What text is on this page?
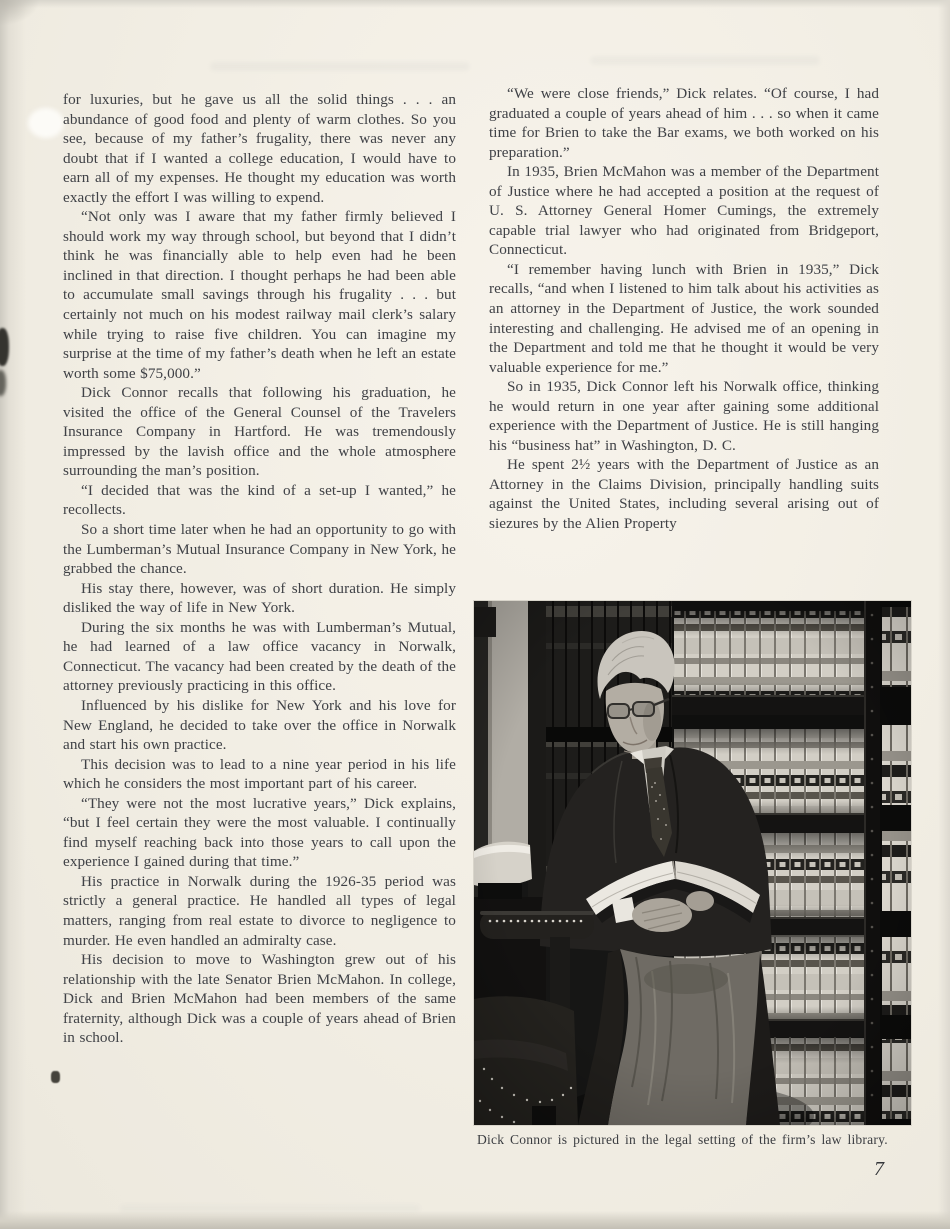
for luxuries, but he gave us all the solid things . . . an abundance of good food and plenty of warm clothes. So you see, because of my father’s frugality, there was never any doubt that if I wanted a college education, I would have to earn all of my expenses. He thought my education was worth exactly the effort I was willing to expend.

“Not only was I aware that my father firmly believed I should work my way through school, but beyond that I didn’t think he was financially able to help even had he been inclined in that direction. I thought perhaps he had been able to accumulate small savings through his frugality . . . but certainly not much on his modest railway mail clerk’s salary while trying to raise five children. You can imagine my surprise at the time of my father’s death when he left an estate worth some $75,000.”

Dick Connor recalls that following his graduation, he visited the office of the General Counsel of the Travelers Insurance Company in Hartford. He was tremendously impressed by the lavish office and the whole atmosphere surrounding the man’s position.

“I decided that was the kind of a set-up I wanted,” he recollects.

So a short time later when he had an opportunity to go with the Lumberman’s Mutual Insurance Company in New York, he grabbed the chance.

His stay there, however, was of short duration. He simply disliked the way of life in New York.

During the six months he was with Lumberman’s Mutual, he had learned of a law office vacancy in Norwalk, Connecticut. The vacancy had been created by the death of the attorney previously practicing in this office.

Influenced by his dislike for New York and his love for New England, he decided to take over the office in Norwalk and start his own practice.

This decision was to lead to a nine year period in his life which he considers the most important part of his career.

“They were not the most lucrative years,” Dick explains, “but I feel certain they were the most valuable. I continually find myself reaching back into those years to call upon the experience I gained during that time.”

His practice in Norwalk during the 1926-35 period was strictly a general practice. He handled all types of legal matters, ranging from real estate to divorce to negligence to murder. He even handled an admiralty case.

His decision to move to Washington grew out of his relationship with the late Senator Brien McMahon. In college, Dick and Brien McMahon had been members of the same fraternity, although Dick was a couple of years ahead of Brien in school.

“We were close friends,” Dick relates. “Of course, I had graduated a couple of years ahead of him . . . so when it came time for Brien to take the Bar exams, we both worked on his preparation.”

In 1935, Brien McMahon was a member of the Department of Justice where he had accepted a position at the request of U. S. Attorney General Homer Cumings, the extremely capable trial lawyer who had originated from Bridgeport, Connecticut.

“I remember having lunch with Brien in 1935,” Dick recalls, “and when I listened to him talk about his activities as an attorney in the Department of Justice, the work sounded interesting and challenging. He advised me of an opening in the Department and told me that he thought it would be very valuable experience for me.”

So in 1935, Dick Connor left his Norwalk office, thinking he would return in one year after gaining some additional experience with the Department of Justice. He is still hanging his “business hat” in Washington, D. C.

He spent 2½ years with the Department of Justice as an Attorney in the Claims Division, principally handling suits against the United States, including several arising out of siezures by the Alien Property

Dick Connor is pictured in the legal setting of the firm’s law library.
7
